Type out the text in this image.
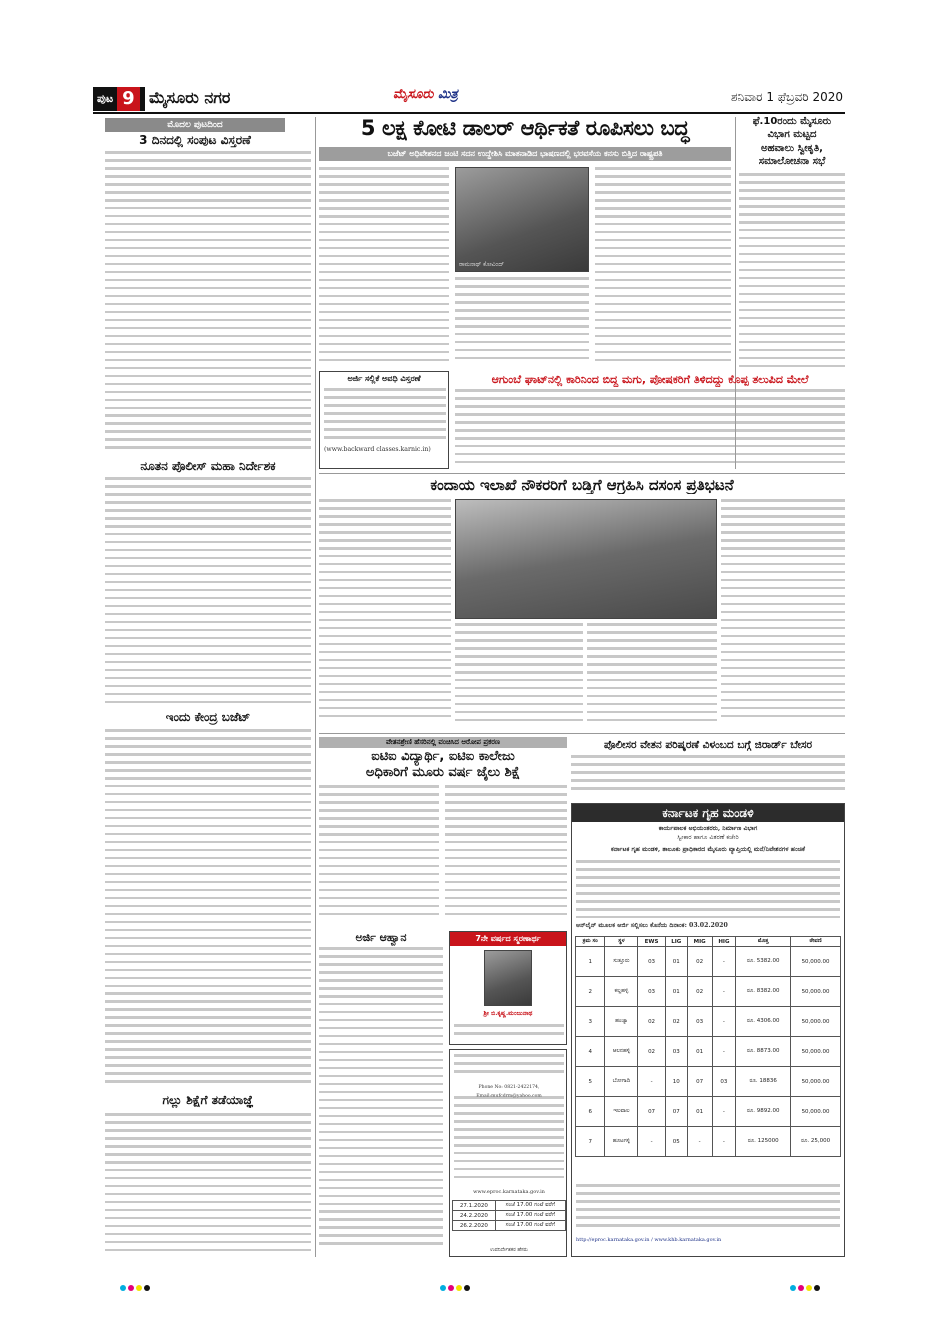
ಪುಟ 9 ಮೈಸೂರು ನಗರ	ಮೈಸೂರು ಮಿತ್ರ	ಶನಿವಾರ 1 ಫೆಬ್ರವರಿ 2020
ಮೊದಲ ಪುಟದಿಂದ
3 ದಿನದಲ್ಲಿ ಸಂಪುಟ ವಿಸ್ತರಣೆ
ನೂತನ ಪೊಲೀಸ್ ಮಹಾ ನಿರ್ದೇಶಕ
ಇಂದು ಕೇಂದ್ರ ಬಜೆಟ್
ಗಲ್ಲು ಶಿಕ್ಷೆಗೆ ತಡೆಯಾಜ್ಞೆ
5 ಲಕ್ಷ ಕೋಟಿ ಡಾಲರ್ ಆರ್ಥಿಕತೆ ರೂಪಿಸಲು ಬದ್ಧ
ಬಜೆಟ್ ಅಧಿವೇಶನದ ಜಂಟಿ ಸದನ ಉದ್ದೇಶಿಸಿ ಮಾತನಾಡಿದ ಭಾಷಣದಲ್ಲಿ ಭರವಸೆಯ ಕನಸು ಬಿತ್ತಿದ ರಾಷ್ಟ್ರಪತಿ
ರಾಮನಾಥ್ ಕೋವಿಂದ್
ಫೆ.10ರಂದು ಮೈಸೂರು
ವಿಭಾಗ ಮಟ್ಟದ
ಅಹವಾಲು ಸ್ವೀಕೃತಿ,
ಸಮಾಲೋಚನಾ ಸಭೆ
ಅರ್ಜಿ ಸಲ್ಲಿಕೆ ಅವಧಿ ವಿಸ್ತರಣೆ
(www.backward classes.karnic.in)
ಆಗುಂಬೆ ಘಾಟ್‌ನಲ್ಲಿ ಕಾರಿನಿಂದ ಬಿದ್ದ ಮಗು, ಪೋಷಕರಿಗೆ ತಿಳಿದದ್ದು ಕೊಪ್ಪ ತಲುಪಿದ ಮೇಲೆ
ಕಂದಾಯ ಇಲಾಖೆ ನೌಕರರಿಗೆ ಬಡ್ತಿಗೆ ಆಗ್ರಹಿಸಿ ದಸಂಸ ಪ್ರತಿಭಟನೆ
ವೇತನಶ್ರೇಣಿ ಹೆಸರಿನಲ್ಲಿ ವಂಚಿಸಿದ ಆರೋಪ ಪ್ರಕರಣ
ಐಟಿಐ ವಿದ್ಯಾರ್ಥಿ, ಐಟಿಐ ಕಾಲೇಜು
ಅಧಿಕಾರಿಗೆ ಮೂರು ವರ್ಷ ಜೈಲು ಶಿಕ್ಷೆ
ಪೊಲೀಸರ ವೇತನ ಪರಿಷ್ಕರಣೆ ವಿಳಂಬದ ಬಗ್ಗೆ ಜಿರಾರ್ಡ್ ಬೇಸರ
ಅರ್ಜಿ ಆಹ್ವಾನ	7ನೇ ವರ್ಷದ ಸ್ಮರಣಾರ್ಥ
ಶ್ರೀ ಬಿ.ಕೃಷ್ಣ.ಮಂಜುನಾಥ
Phone No: 0821-2422174,
www.eproc.karnataka.gov.in
27.1.2020	ಸಂಜೆ 17.00 ಗಂಟೆ ವರೆಗೆ
24.2.2020	ಸಂಜೆ 17.00 ಗಂಟೆ ವರೆಗೆ
26.2.2020	ಸಂಜೆ 17.00 ಗಂಟೆ ವರೆಗೆ
ಉಪನಿರ್ದೇಶಕರ ಹೆಸರು
ಕರ್ನಾಟಕ ಗೃಹ ಮಂಡಳಿ
ಕಾರ್ಯಪಾಲಕ ಅಭಿಯಂತರರು, ನಿರ್ಮಾಣ ವಿಭಾಗ
ಸ್ವೀಕಾರ ಹಾಗೂ ವಿತರಣೆ ಕಚೇರಿ
ಕರ್ನಾಟಕ ಗೃಹ ಮಂಡಳಿ, ತಾಲೂಕು ಪ್ರಾಧಿಕಾರದ ಮೈಸೂರು ವ್ಯಾಪ್ತಿಯಲ್ಲಿ ಮನೆ/ನಿವೇಶನಗಳ ಹಂಚಿಕೆ
ಆನ್‌ಲೈನ್ ಮೂಲಕ ಅರ್ಜಿ ಸಲ್ಲಿಸಲು ಕೊನೆಯ ದಿನಾಂಕ: 03.02.2020
ಕ್ರಮ ಸಂ	ಸ್ಥಳ	EWS	LIG	MIG	HIG	ಮೊತ್ತ	ಠೇವಣಿ
1	ಸುತ್ತೂರು	03	01	02	-	ರೂ. 5382.00	50,000.00
2	ಕಲ್ಲಹಳ್ಳಿ	03	01	02	-	ರೂ. 8382.00	50,000.00
3	ಹಂಚ್ಯಾ	02	02	03	-	ರೂ. 4306.00	50,000.00
4	ಆಲನಹಳ್ಳಿ	02	03	01	-	ರೂ. 8873.00	50,000.00
5	ಬೋಗಾದಿ	-	10	07	03	ರೂ. 18836	50,000.00
6	ಇಲವಾಲ	07	07	01	-	ರೂ. 9892.00	50,000.00
7	ಹೂಟಗಳ್ಳಿ	-	05	-	-	ರೂ. 125000	ರೂ. 25,000
http://eproc.karnataka.gov.in / www.khb.karnataka.gov.in
